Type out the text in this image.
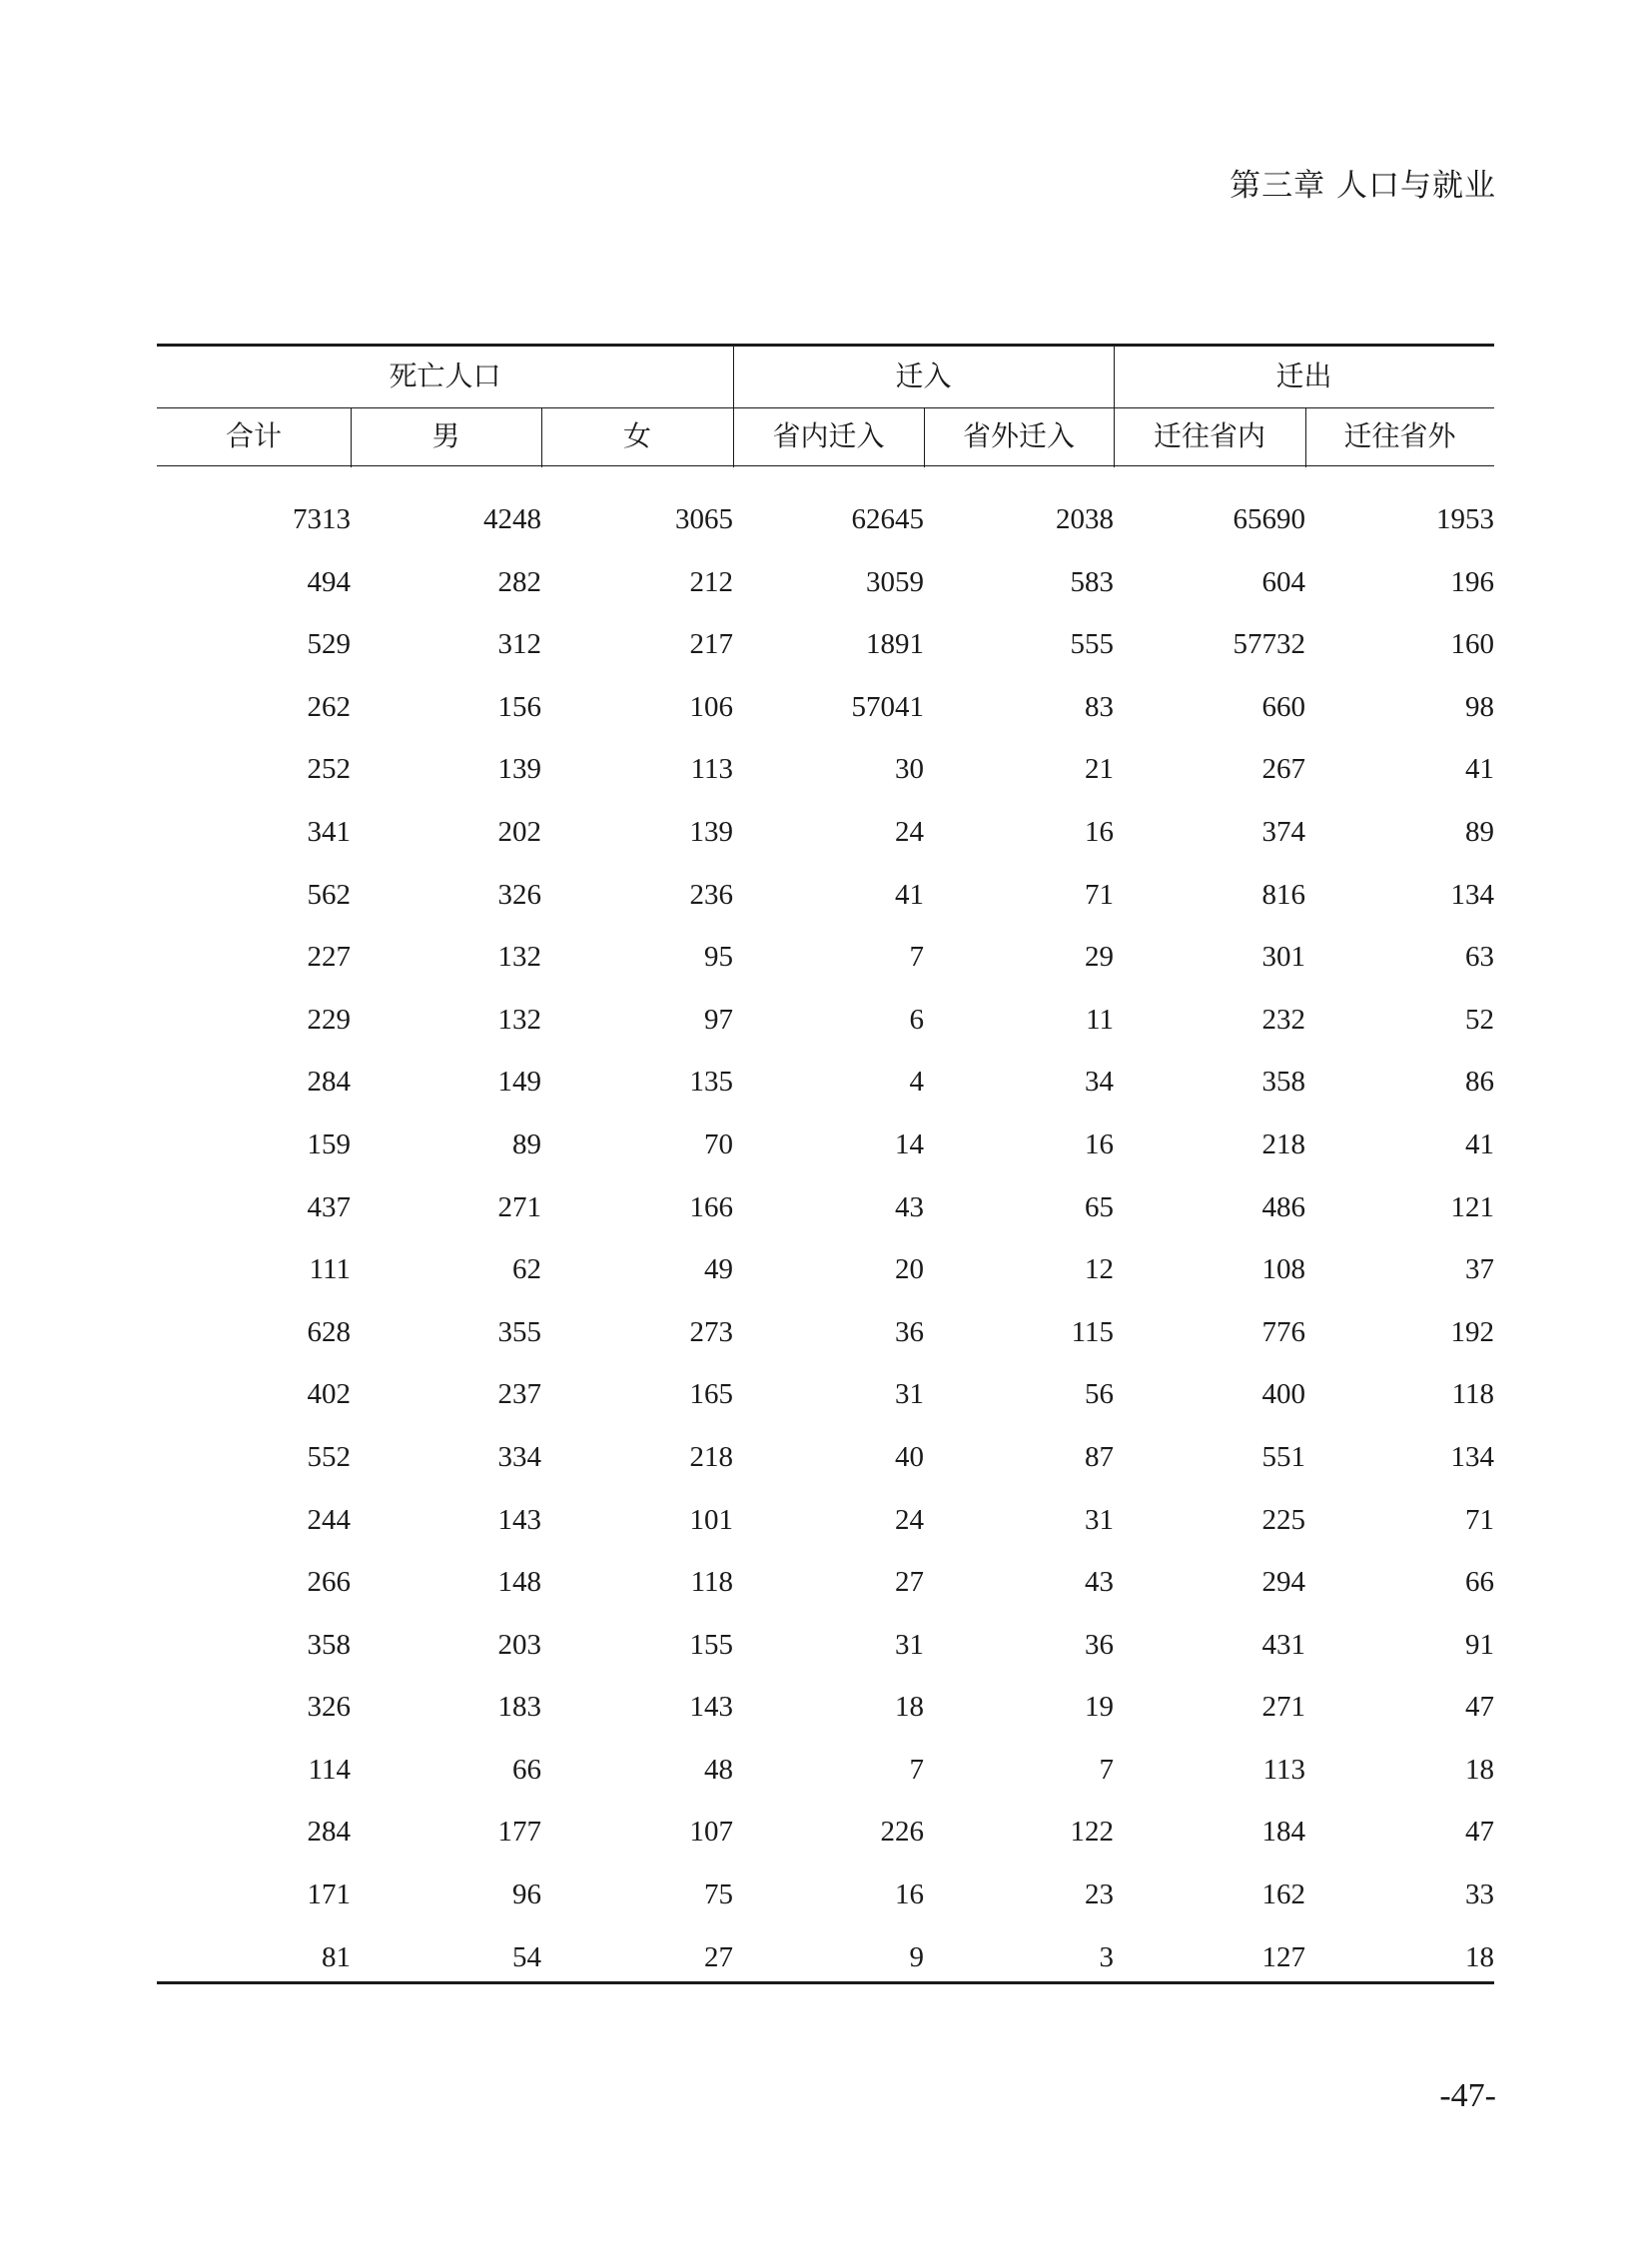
第三章 人口与就业
死亡人口	迁入	迁出
合计	男	女	省内迁入	省外迁入	迁往省内	迁往省外
7313	4248	3065	62645	2038	65690	1953
494	282	212	3059	583	604	196
529	312	217	1891	555	57732	160
262	156	106	57041	83	660	98
252	139	113	30	21	267	41
341	202	139	24	16	374	89
562	326	236	41	71	816	134
227	132	95	7	29	301	63
229	132	97	6	11	232	52
284	149	135	4	34	358	86
159	89	70	14	16	218	41
437	271	166	43	65	486	121
111	62	49	20	12	108	37
628	355	273	36	115	776	192
402	237	165	31	56	400	118
552	334	218	40	87	551	134
244	143	101	24	31	225	71
266	148	118	27	43	294	66
358	203	155	31	36	431	91
326	183	143	18	19	271	47
114	66	48	7	7	113	18
284	177	107	226	122	184	47
171	96	75	16	23	162	33
81	54	27	9	3	127	18
-47-
